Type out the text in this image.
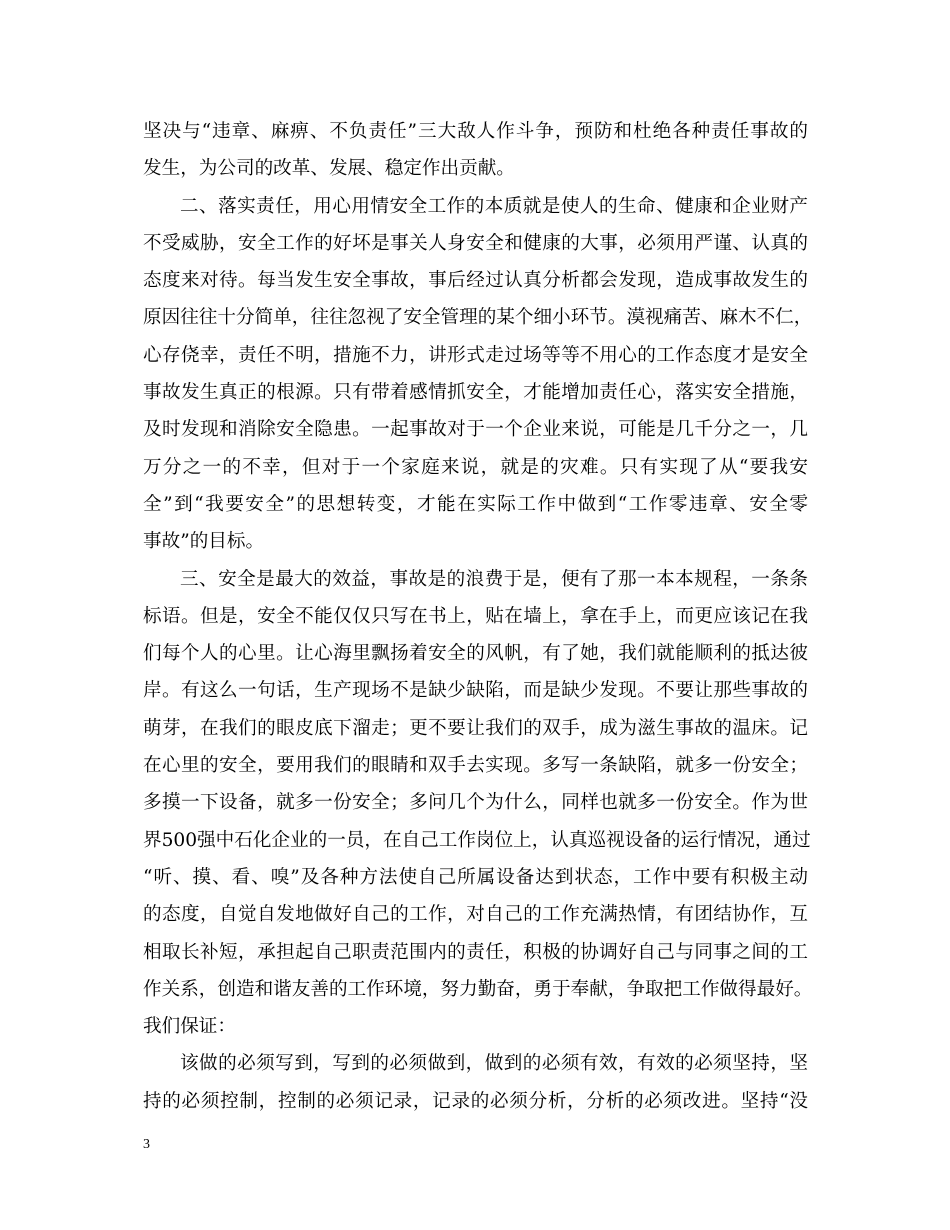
坚决与“违章、麻痹、不负责任”三大敌人作斗争，预防和杜绝各种责任事故的
发生，为公司的改革、发展、稳定作出贡献。
二、落实责任，用心用情安全工作的本质就是使人的生命、健康和企业财产
不受威胁，安全工作的好坏是事关人身安全和健康的大事，必须用严谨、认真的
态度来对待。每当发生安全事故，事后经过认真分析都会发现，造成事故发生的
原因往往十分简单，往往忽视了安全管理的某个细小环节。漠视痛苦、麻木不仁，
心存侥幸，责任不明，措施不力，讲形式走过场等等不用心的工作态度才是安全
事故发生真正的根源。只有带着感情抓安全，才能增加责任心，落实安全措施，
及时发现和消除安全隐患。一起事故对于一个企业来说，可能是几千分之一，几
万分之一的不幸，但对于一个家庭来说，就是的灾难。只有实现了从“要我安
全”到“我要安全”的思想转变，才能在实际工作中做到“工作零违章、安全零
事故”的目标。
三、安全是最大的效益，事故是的浪费于是，便有了那一本本规程，一条条
标语。但是，安全不能仅仅只写在书上，贴在墙上，拿在手上，而更应该记在我
们每个人的心里。让心海里飘扬着安全的风帆，有了她，我们就能顺利的抵达彼
岸。有这么一句话，生产现场不是缺少缺陷，而是缺少发现。不要让那些事故的
萌芽，在我们的眼皮底下溜走；更不要让我们的双手，成为滋生事故的温床。记
在心里的安全，要用我们的眼睛和双手去实现。多写一条缺陷，就多一份安全；
多摸一下设备，就多一份安全；多问几个为什么，同样也就多一份安全。作为世
界500强中石化企业的一员，在自己工作岗位上，认真巡视设备的运行情况，通过
“听、摸、看、嗅”及各种方法使自己所属设备达到状态，工作中要有积极主动
的态度，自觉自发地做好自己的工作，对自己的工作充满热情，有团结协作，互
相取长补短，承担起自己职责范围内的责任，积极的协调好自己与同事之间的工
作关系，创造和谐友善的工作环境，努力勤奋，勇于奉献，争取把工作做得最好。
我们保证：
该做的必须写到，写到的必须做到，做到的必须有效，有效的必须坚持，坚
持的必须控制，控制的必须记录，记录的必须分析，分析的必须改进。坚持“没
3
